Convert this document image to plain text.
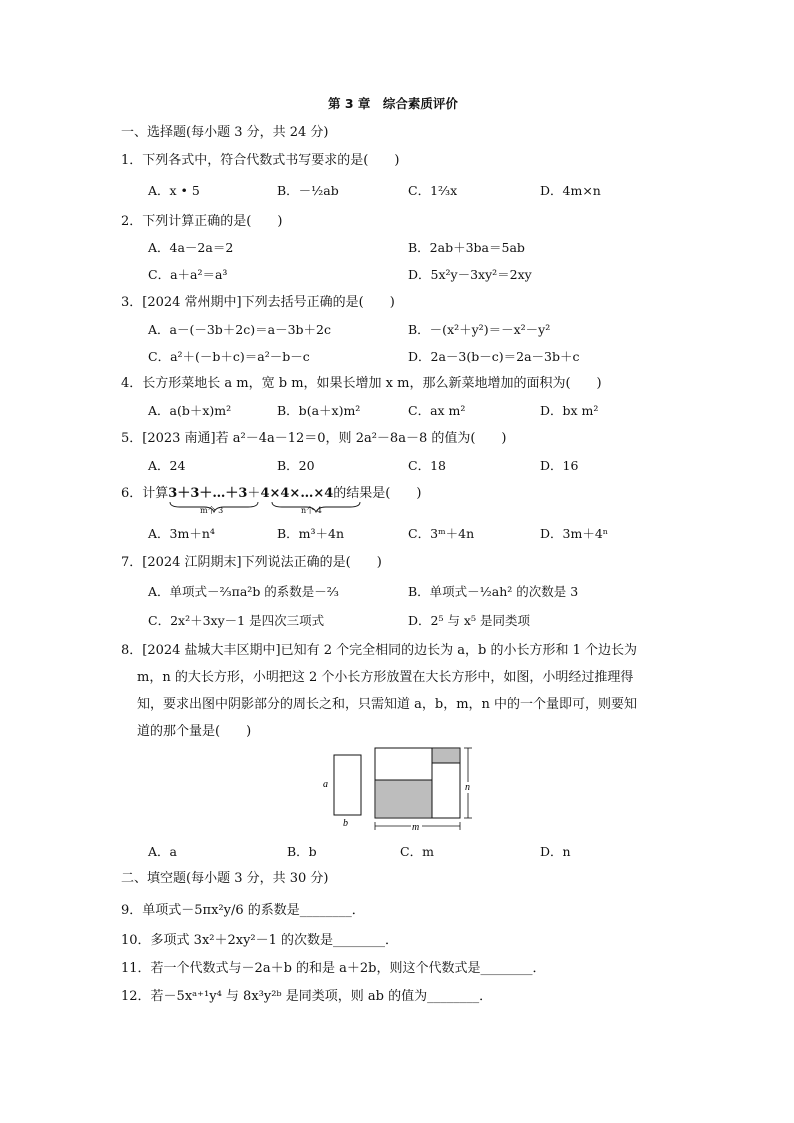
第 3 章　综合素质评价
一、选择题(每小题 3 分，共 24 分)
1．下列各式中，符合代数式书写要求的是(　　)
A．x • 5	B．－½ab	C．1⅔x	D．4m×n
2．下列计算正确的是(　　)
A．4a－2a＝2	B．2ab＋3ba＝5ab
C．a＋a²＝a³	D．5x²y－3xy²＝2xy
3．[2024 常州期中]下列去括号正确的是(　　)
A．a－(－3b＋2c)＝a－3b＋2c	B．－(x²＋y²)＝－x²－y²
C．a²＋(－b＋c)＝a²－b－c	D．2a－3(b－c)＝2a－3b＋c
4．长方形菜地长 a m，宽 b m，如果长增加 x m，那么新菜地增加的面积为(　　)
A．a(b＋x)m²	B．b(a＋x)m²	C．ax m²	D．bx m²
5．[2023 南通]若 a²－4a－12＝0，则 2a²－8a－8 的值为(　　)
A．24	B．20	C．18	D．16
6．计算3＋3＋…＋3＋4×4×…×4的结果是(　　)
m个 3	n个 4
A．3m＋n⁴	B．m³＋4n	C．3ᵐ＋4n	D．3m＋4ⁿ
7．[2024 江阴期末]下列说法正确的是(　　)
A．单项式－⅔πa²b 的系数是－⅔	B．单项式－½ah² 的次数是 3
C．2x²＋3xy－1 是四次三项式	D．2⁵ 与 x⁵ 是同类项
8．[2024 盐城大丰区期中]已知有 2 个完全相同的边长为 a，b 的小长方形和 1 个边长为
m，n 的大长方形，小明把这 2 个小长方形放置在大长方形中，如图，小明经过推理得
知，要求出图中阴影部分的周长之和，只需知道 a，b，m，n 中的一个量即可，则要知
道的那个量是(　　)
a
b
n
m
A．a	B．b	C．m	D．n
二、填空题(每小题 3 分，共 30 分)
9．单项式－5πx²y/6 的系数是________．
10．多项式 3x²＋2xy²－1 的次数是________．
11．若一个代数式与－2a＋b 的和是 a＋2b，则这个代数式是________．
12．若－5xᵃ⁺¹y⁴ 与 8x³y²ᵇ 是同类项，则 ab 的值为________．
